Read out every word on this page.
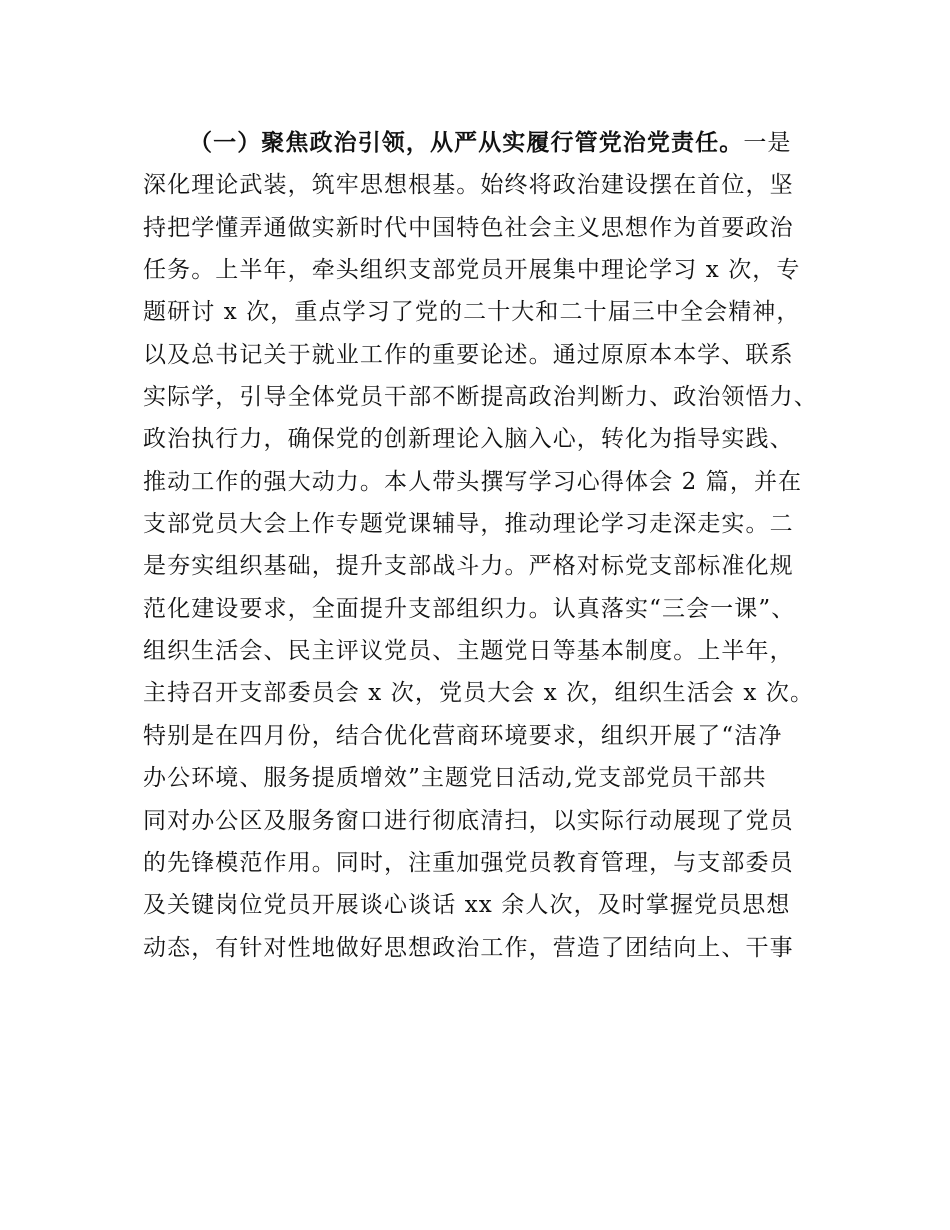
（一）聚焦政治引领，从严从实履行管党治党责任。一是
深化理论武装，筑牢思想根基。始终将政治建设摆在首位，坚
持把学懂弄通做实新时代中国特色社会主义思想作为首要政治
任务。上半年，牵头组织支部党员开展集中理论学习 x 次，专
题研讨 x 次，重点学习了党的二十大和二十届三中全会精神，
以及总书记关于就业工作的重要论述。通过原原本本学、联系
实际学，引导全体党员干部不断提高政治判断力、政治领悟力、
政治执行力，确保党的创新理论入脑入心，转化为指导实践、
推动工作的强大动力。本人带头撰写学习心得体会 2 篇，并在
支部党员大会上作专题党课辅导，推动理论学习走深走实。二
是夯实组织基础，提升支部战斗力。严格对标党支部标准化规
范化建设要求，全面提升支部组织力。认真落实“三会一课”、
组织生活会、民主评议党员、主题党日等基本制度。上半年，
主持召开支部委员会 x 次，党员大会 x 次，组织生活会 x 次。
特别是在四月份，结合优化营商环境要求，组织开展了“洁净
办公环境、服务提质增效”主题党日活动,党支部党员干部共
同对办公区及服务窗口进行彻底清扫，以实际行动展现了党员
的先锋模范作用。同时，注重加强党员教育管理，与支部委员
及关键岗位党员开展谈心谈话 xx 余人次，及时掌握党员思想
动态，有针对性地做好思想政治工作，营造了团结向上、干事
